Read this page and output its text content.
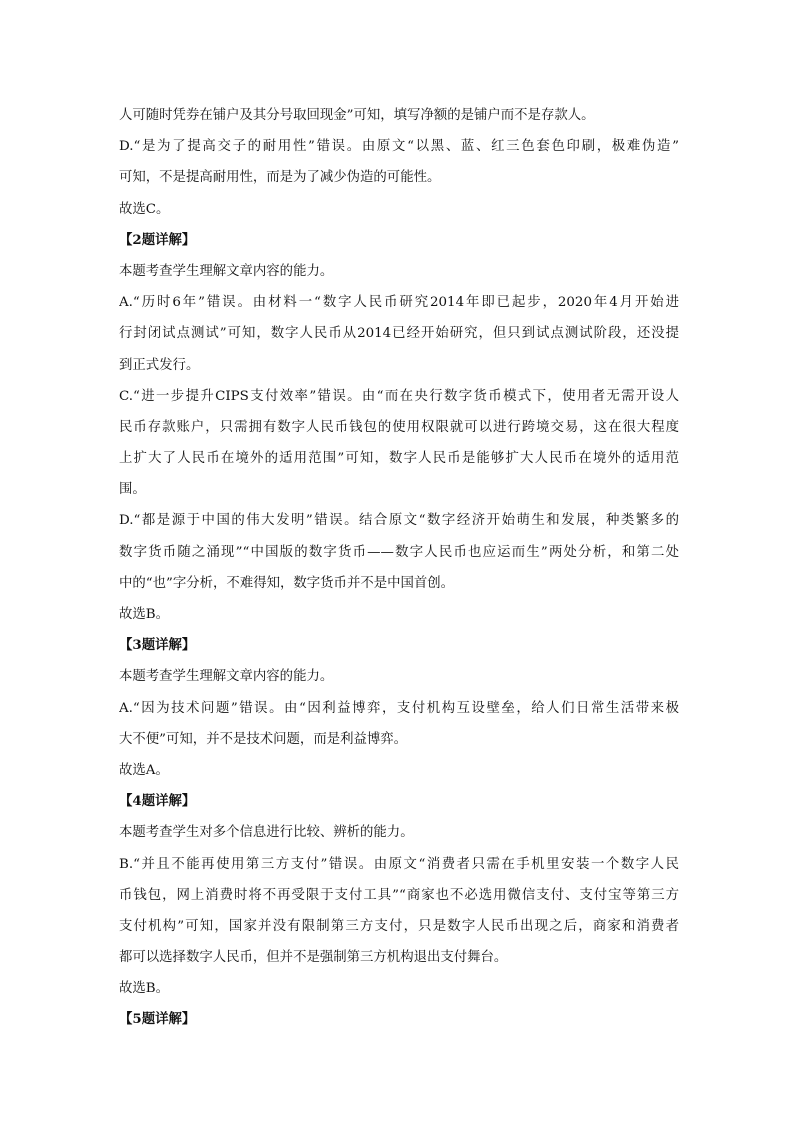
人可随时凭券在铺户及其分号取回现金”可知，填写净额的是铺户而不是存款人。
D.“是为了提高交子的耐用性”错误。由原文“以黑、蓝、红三色套色印刷，极难伪造”
可知，不是提高耐用性，而是为了减少伪造的可能性。
故选C。
【2题详解】
本题考查学生理解文章内容的能力。
A.“历时6年”错误。由材料一“数字人民币研究2014年即已起步，2020年4月开始进
行封闭试点测试”可知，数字人民币从2014已经开始研究，但只到试点测试阶段，还没提
到正式发行。
C.“进一步提升CIPS支付效率”错误。由“而在央行数字货币模式下，使用者无需开设人
民币存款账户，只需拥有数字人民币钱包的使用权限就可以进行跨境交易，这在很大程度
上扩大了人民币在境外的适用范围”可知，数字人民币是能够扩大人民币在境外的适用范
围。
D.“都是源于中国的伟大发明”错误。结合原文“数字经济开始萌生和发展，种类繁多的
数字货币随之涌现”“中国版的数字货币——数字人民币也应运而生”两处分析，和第二处
中的“也”字分析，不难得知，数字货币并不是中国首创。
故选B。
【3题详解】
本题考查学生理解文章内容的能力。
A.“因为技术问题”错误。由“因利益博弈，支付机构互设壁垒，给人们日常生活带来极
大不便”可知，并不是技术问题，而是利益博弈。
故选A。
【4题详解】
本题考查学生对多个信息进行比较、辨析的能力。
B.“并且不能再使用第三方支付”错误。由原文“消费者只需在手机里安装一个数字人民
币钱包，网上消费时将不再受限于支付工具”“商家也不必选用微信支付、支付宝等第三方
支付机构”可知，国家并没有限制第三方支付，只是数字人民币出现之后，商家和消费者
都可以选择数字人民币，但并不是强制第三方机构退出支付舞台。
故选B。
【5题详解】
